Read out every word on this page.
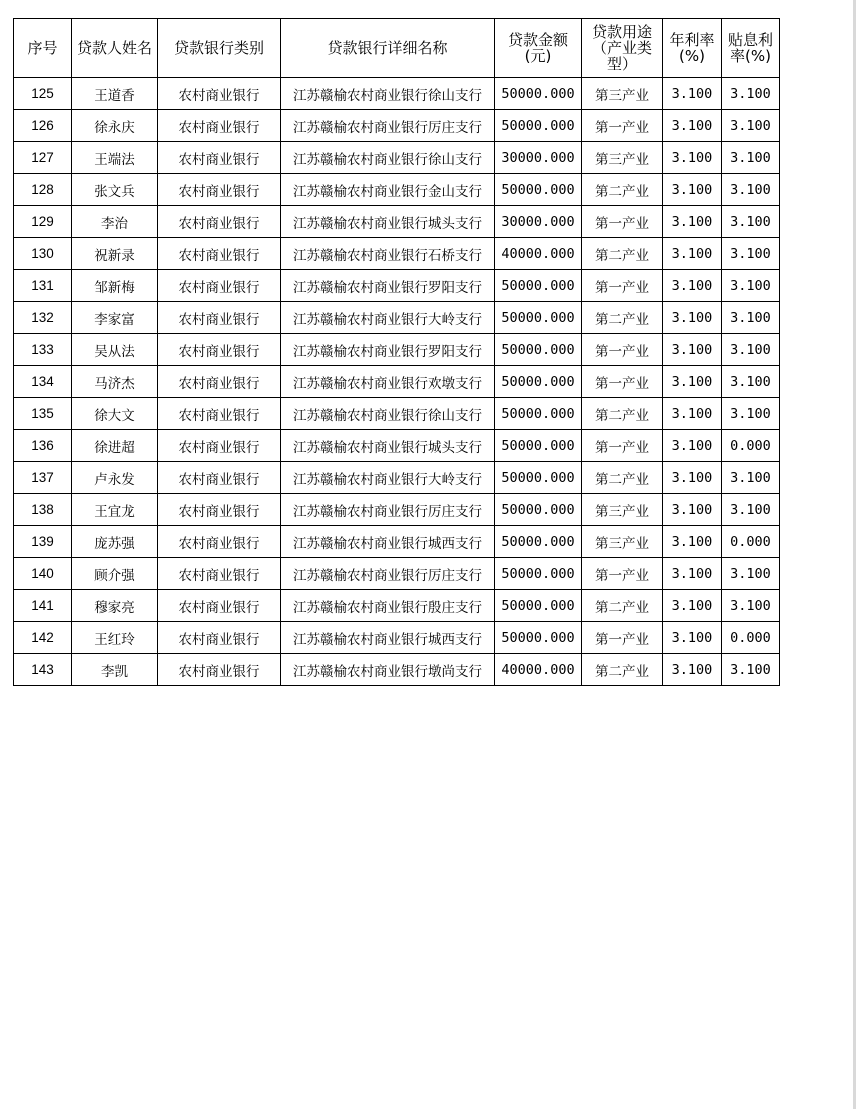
序号	贷款人姓名	贷款银行类别	贷款银行详细名称	贷款金额(元)	贷款用途（产业类型）	年利率(%)	贴息利率(%)
125	王道香	农村商业银行	江苏赣榆农村商业银行徐山支行	50000.000	第三产业	3.100	3.100
126	徐永庆	农村商业银行	江苏赣榆农村商业银行厉庄支行	50000.000	第一产业	3.100	3.100
127	王端法	农村商业银行	江苏赣榆农村商业银行徐山支行	30000.000	第三产业	3.100	3.100
128	张文兵	农村商业银行	江苏赣榆农村商业银行金山支行	50000.000	第二产业	3.100	3.100
129	李治	农村商业银行	江苏赣榆农村商业银行城头支行	30000.000	第一产业	3.100	3.100
130	祝新录	农村商业银行	江苏赣榆农村商业银行石桥支行	40000.000	第二产业	3.100	3.100
131	邹新梅	农村商业银行	江苏赣榆农村商业银行罗阳支行	50000.000	第一产业	3.100	3.100
132	李家富	农村商业银行	江苏赣榆农村商业银行大岭支行	50000.000	第二产业	3.100	3.100
133	吴从法	农村商业银行	江苏赣榆农村商业银行罗阳支行	50000.000	第一产业	3.100	3.100
134	马济杰	农村商业银行	江苏赣榆农村商业银行欢墩支行	50000.000	第一产业	3.100	3.100
135	徐大文	农村商业银行	江苏赣榆农村商业银行徐山支行	50000.000	第二产业	3.100	3.100
136	徐进超	农村商业银行	江苏赣榆农村商业银行城头支行	50000.000	第一产业	3.100	0.000
137	卢永发	农村商业银行	江苏赣榆农村商业银行大岭支行	50000.000	第二产业	3.100	3.100
138	王宜龙	农村商业银行	江苏赣榆农村商业银行厉庄支行	50000.000	第三产业	3.100	3.100
139	庞苏强	农村商业银行	江苏赣榆农村商业银行城西支行	50000.000	第三产业	3.100	0.000
140	顾介强	农村商业银行	江苏赣榆农村商业银行厉庄支行	50000.000	第一产业	3.100	3.100
141	穆家亮	农村商业银行	江苏赣榆农村商业银行殷庄支行	50000.000	第二产业	3.100	3.100
142	王红玲	农村商业银行	江苏赣榆农村商业银行城西支行	50000.000	第一产业	3.100	0.000
143	李凯	农村商业银行	江苏赣榆农村商业银行墩尚支行	40000.000	第二产业	3.100	3.100
